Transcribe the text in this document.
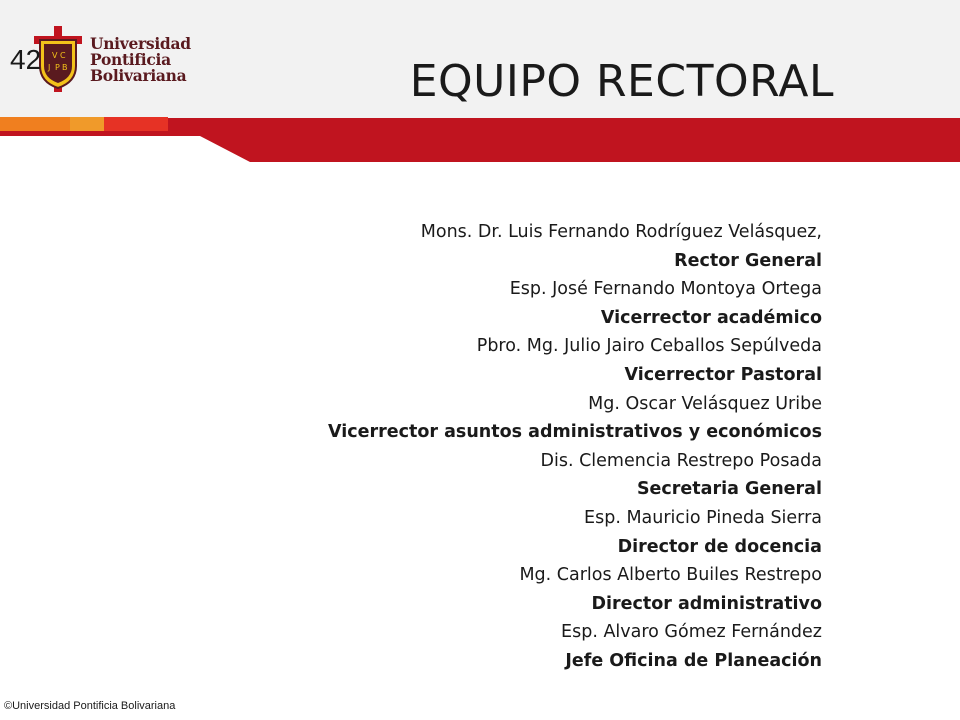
V C
J P B
Universidad
Pontificia
Bolivariana
42	EQUIPO RECTORAL
Mons. Dr. Luis Fernando Rodríguez Velásquez,
Rector General
Esp. José Fernando Montoya Ortega
Vicerrector académico
Pbro. Mg. Julio Jairo Ceballos Sepúlveda
Vicerrector Pastoral
Mg. Oscar Velásquez Uribe
Vicerrector asuntos administrativos y económicos
Dis. Clemencia Restrepo Posada
Secretaria General
Esp. Mauricio Pineda Sierra
Director de docencia
Mg. Carlos Alberto Builes Restrepo
Director administrativo
Esp. Alvaro Gómez Fernández
Jefe Oficina de Planeación
©Universidad Pontificia Bolivariana
